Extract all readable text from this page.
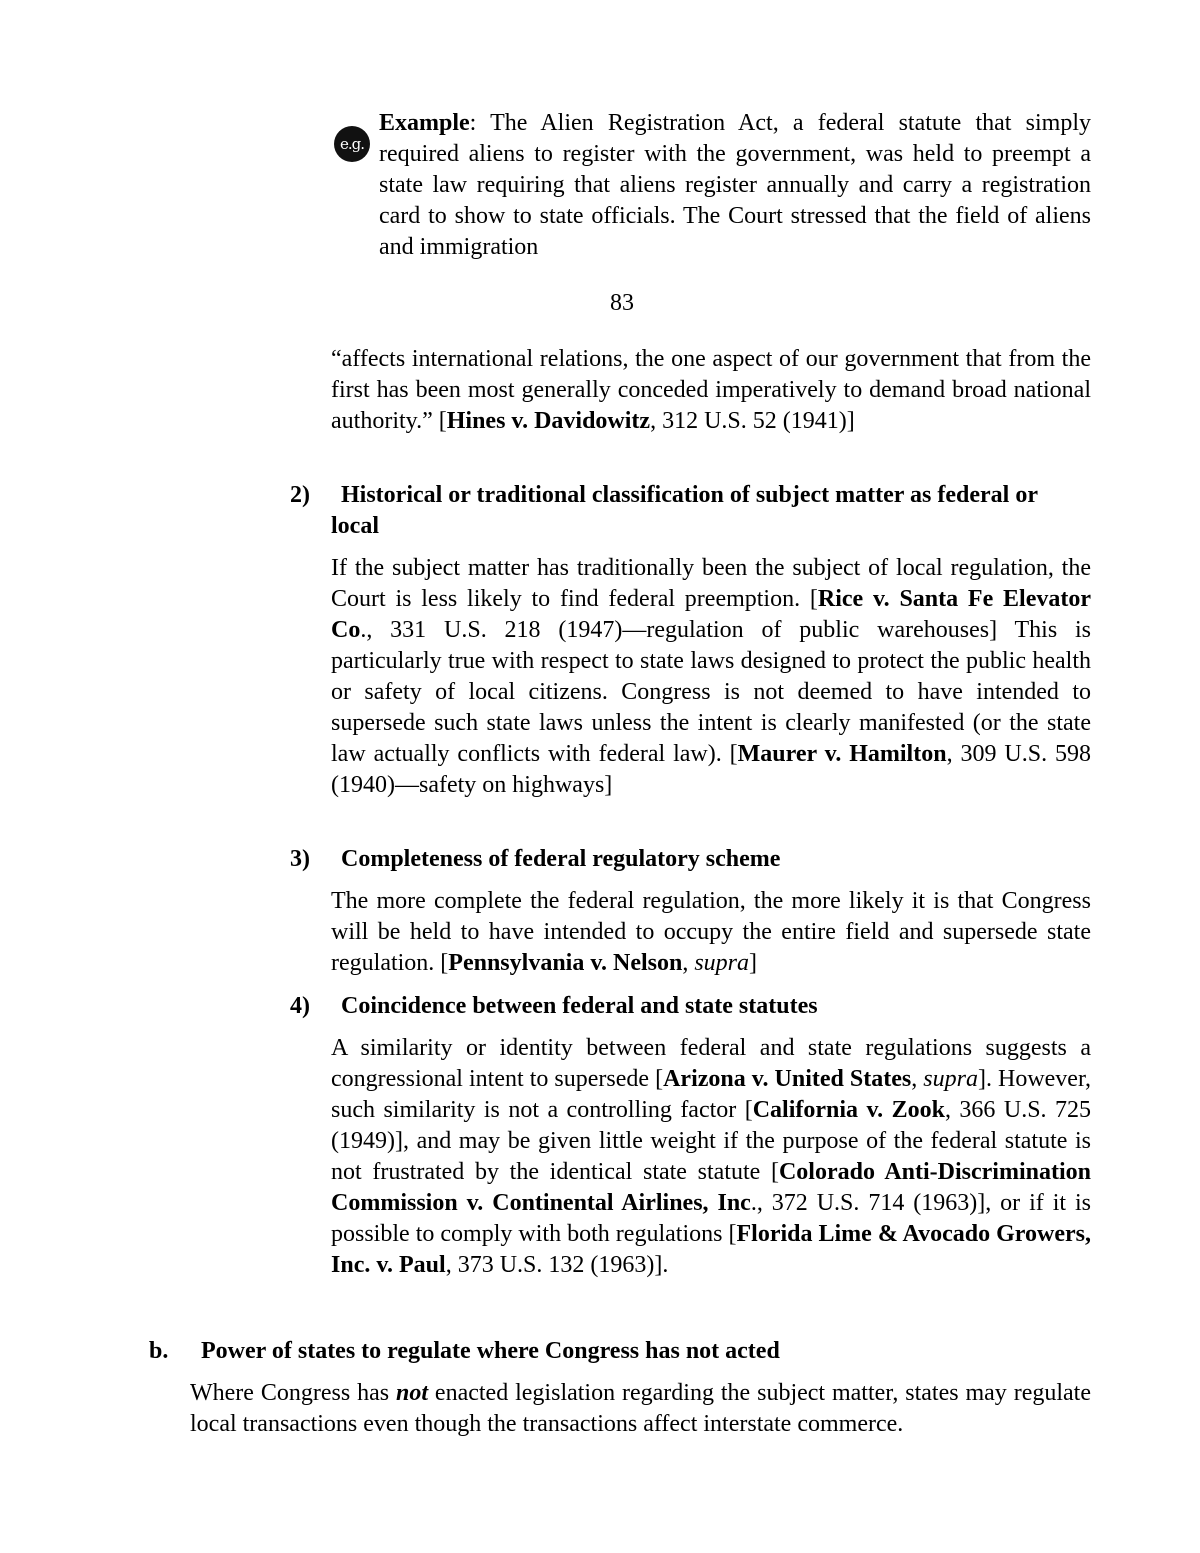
e.g.

Example: The Alien Registration Act, a federal statute that simply required aliens to register with the government, was held to preempt a state law requiring that aliens register annually and carry a registration card to show to state officials. The Court stressed that the field of aliens and immigration
83

“affects international relations, the one aspect of our government that from the first has been most generally conceded imperatively to demand broad national authority.” [Hines v. Davidowitz, 312 U.S. 52 (1941)]

2)	Historical or traditional classification of subject matter as federal or local

If the subject matter has traditionally been the subject of local regulation, the Court is less likely to find federal preemption. [Rice v. Santa Fe Elevator Co., 331 U.S. 218 (1947)—regulation of public warehouses] This is particularly true with respect to state laws designed to protect the public health or safety of local citizens. Congress is not deemed to have intended to supersede such state laws unless the intent is clearly manifested (or the state law actually conflicts with federal law). [Maurer v. Hamilton, 309 U.S. 598 (1940)—safety on highways]

3)	Completeness of federal regulatory scheme

The more complete the federal regulation, the more likely it is that Congress will be held to have intended to occupy the entire field and supersede state regulation. [Pennsylvania v. Nelson, supra]

4)	Coincidence between federal and state statutes

A similarity or identity between federal and state regulations suggests a congressional intent to supersede [Arizona v. United States, supra]. However, such similarity is not a controlling factor [California v. Zook, 366 U.S. 725 (1949)], and may be given little weight if the purpose of the federal statute is not frustrated by the identical state statute [Colorado Anti-Discrimination Commission v. Continental Airlines, Inc., 372 U.S. 714 (1963)], or if it is possible to comply with both regulations [Florida Lime & Avocado Growers, Inc. v. Paul, 373 U.S. 132 (1963)].

b. Power of states to regulate where Congress has not acted

Where Congress has not enacted legislation regarding the subject matter, states may regulate local transactions even though the transactions affect interstate commerce.
